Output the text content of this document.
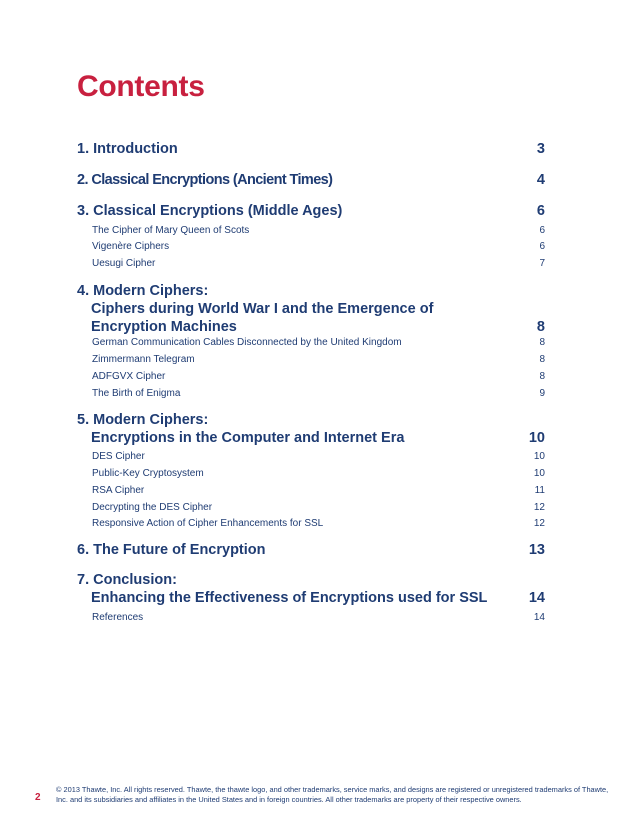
Contents
1. Introduction	3
2. Classical Encryptions (Ancient Times)	4
3. Classical Encryptions (Middle Ages)	6
The Cipher of Mary Queen of Scots	6
Vigenère Ciphers	6
Uesugi Cipher	7
4. Modern Ciphers:
Ciphers during World War I and the Emergence of
Encryption Machines	8
German Communication Cables Disconnected by the United Kingdom	8
Zimmermann Telegram	8
ADFGVX Cipher	8
The Birth of Enigma	9
5. Modern Ciphers:
Encryptions in the Computer and Internet Era	10
DES Cipher	10
Public-Key Cryptosystem	10
RSA Cipher	11
Decrypting the DES Cipher	12
Responsive Action of Cipher Enhancements for SSL	12
6. The Future of Encryption	13
7. Conclusion:
Enhancing the Effectiveness of Encryptions used for SSL	14
References	14
2
© 2013 Thawte, Inc. All rights reserved. Thawte, the thawte logo, and other trademarks, service marks, and designs are registered or unregistered trademarks of Thawte, Inc. and its subsidiaries and affiliates in the United States and in foreign countries. All other trademarks are property of their respective owners.
